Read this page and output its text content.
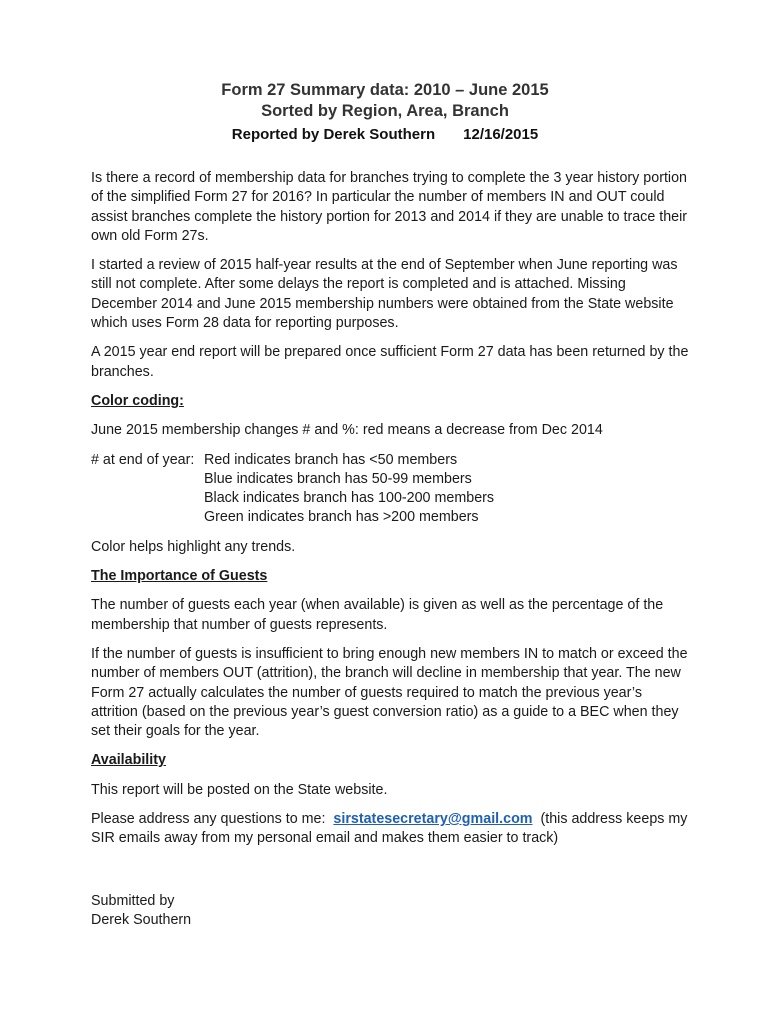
Form 27 Summary data: 2010 – June 2015
Sorted by Region, Area, Branch
Reported by Derek Southern 12/16/2015

Is there a record of membership data for branches trying to complete the 3 year history portion of the simplified Form 27 for 2016? In particular the number of members IN and OUT could assist branches complete the history portion for 2013 and 2014 if they are unable to trace their own old Form 27s.

I started a review of 2015 half-year results at the end of September when June reporting was still not complete. After some delays the report is completed and is attached. Missing December 2014 and June 2015 membership numbers were obtained from the State website which uses Form 28 data for reporting purposes.

A 2015 year end report will be prepared once sufficient Form 27 data has been returned by the branches.

Color coding:

June 2015 membership changes # and %: red means a decrease from Dec 2014

# at end of year: Red indicates branch has <50 members
Blue indicates branch has 50-99 members
Black indicates branch has 100-200 members
Green indicates branch has >200 members

Color helps highlight any trends.

The Importance of Guests

The number of guests each year (when available) is given as well as the percentage of the membership that number of guests represents.

If the number of guests is insufficient to bring enough new members IN to match or exceed the number of members OUT (attrition), the branch will decline in membership that year. The new Form 27 actually calculates the number of guests required to match the previous year’s attrition (based on the previous year’s guest conversion ratio) as a guide to a BEC when they set their goals for the year.

Availability

This report will be posted on the State website.

Please address any questions to me:  sirstatesecretary@gmail.com  (this address keeps my SIR emails away from my personal email and makes them easier to track)

Submitted by
Derek Southern
